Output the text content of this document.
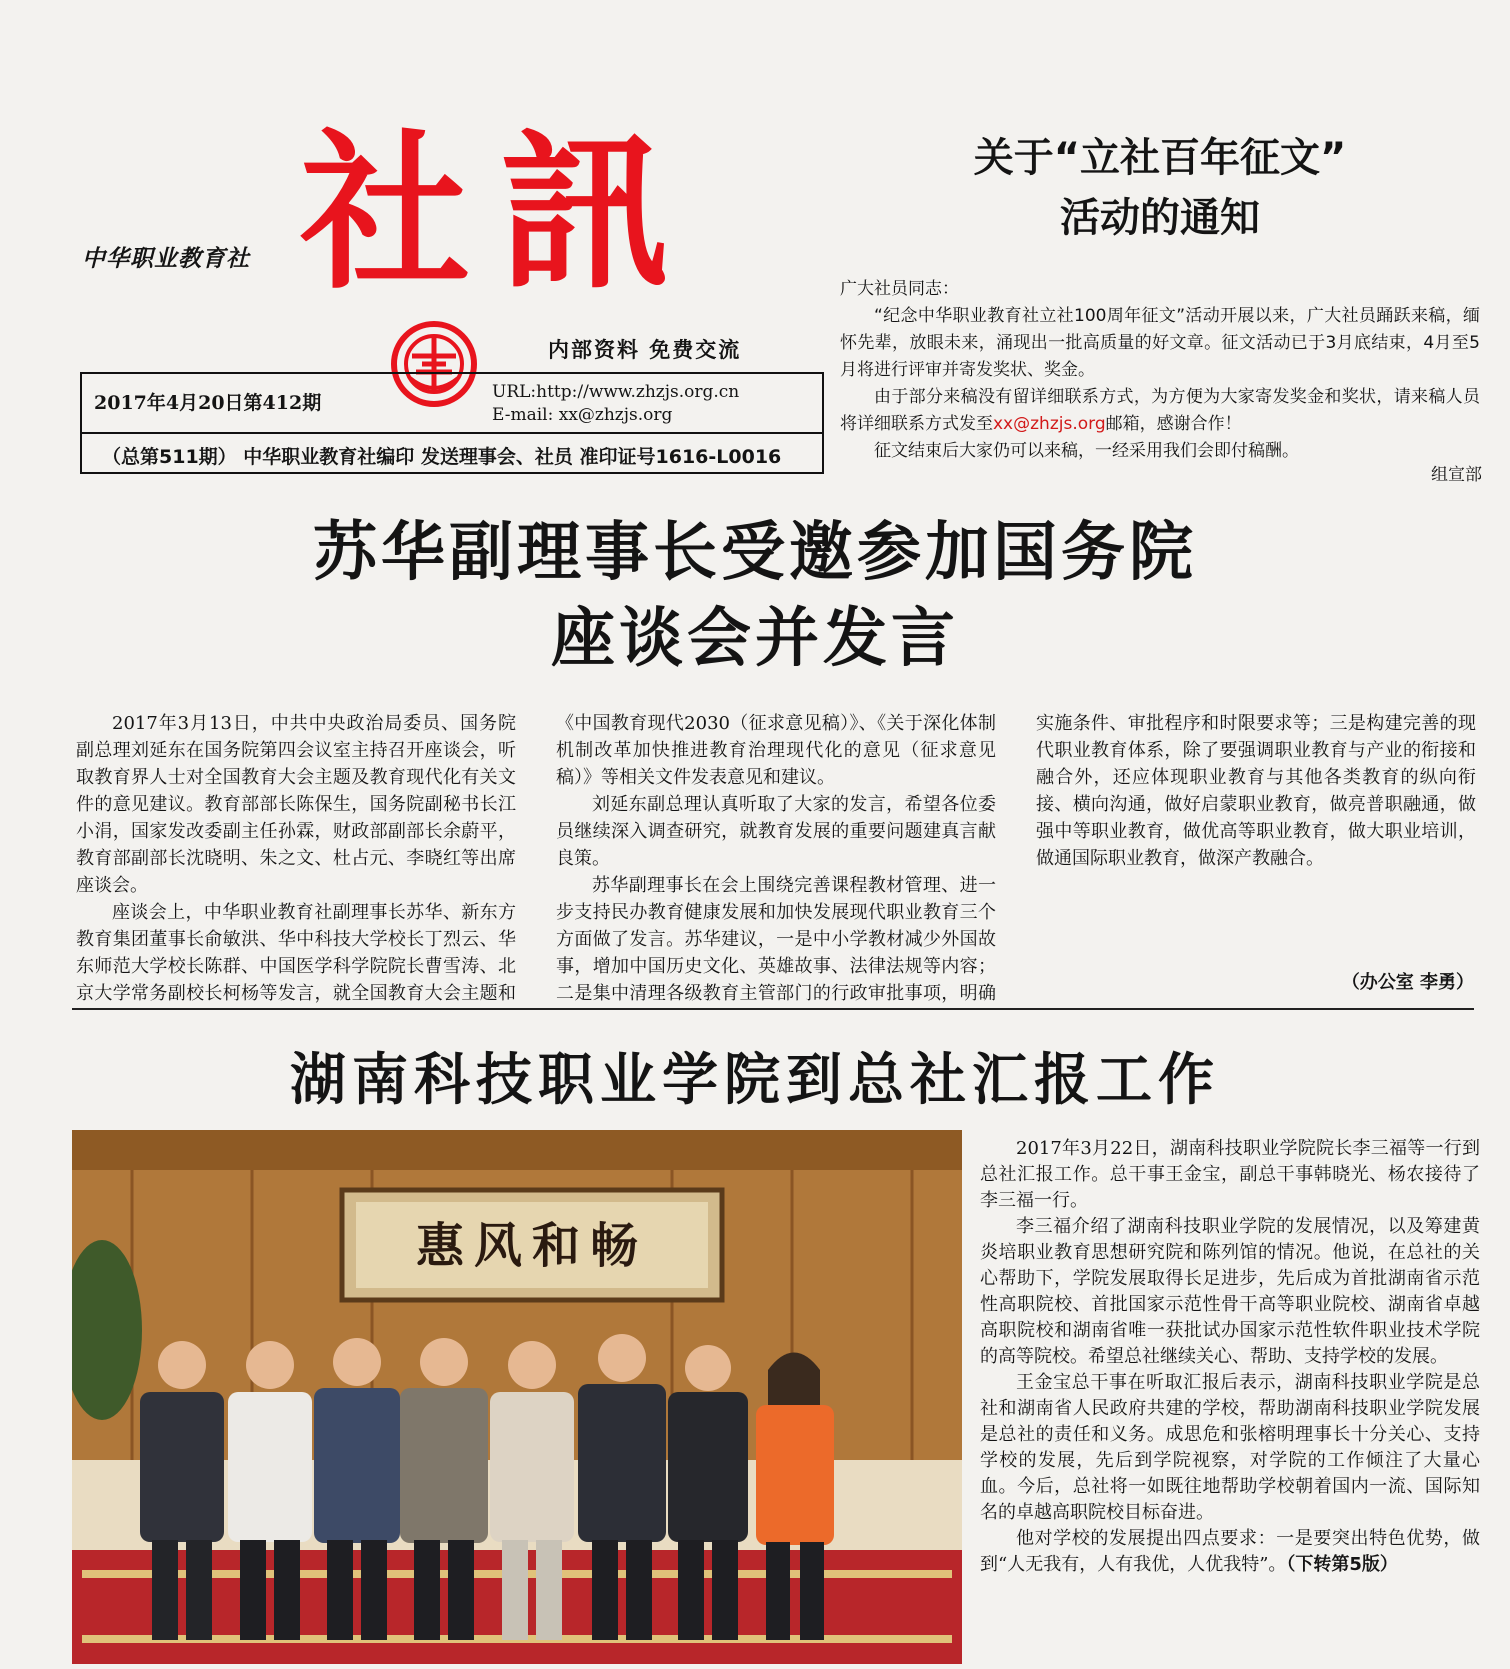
中华职业教育社 社訊
内部资料 免费交流
2017年4月20日第412期	URL:http://www.zhzjs.org.cn
E-mail: xx@zhzjs.org
（总第511期） 中华职业教育社编印 发送理事会、社员 准印证号1616-L0016
关于“立社百年征文”
活动的通知

广大社员同志：

“纪念中华职业教育社立社100周年征文”活动开展以来，广大社员踊跃来稿，缅怀先辈，放眼未来，涌现出一批高质量的好文章。征文活动已于3月底结束，4月至5月将进行评审并寄发奖状、奖金。

由于部分来稿没有留详细联系方式，为方便为大家寄发奖金和奖状，请来稿人员将详细联系方式发至xx@zhzjs.org邮箱，感谢合作！

征文结束后大家仍可以来稿，一经采用我们会即付稿酬。

组宣部
苏华副理事长受邀参加国务院
座谈会并发言

2017年3月13日，中共中央政治局委员、国务院副总理刘延东在国务院第四会议室主持召开座谈会，听取教育界人士对全国教育大会主题及教育现代化有关文件的意见建议。教育部部长陈保生，国务院副秘书长江小涓，国家发改委副主任孙霖，财政部副部长余蔚平，教育部副部长沈晓明、朱之文、杜占元、李晓红等出席座谈会。

座谈会上，中华职业教育社副理事长苏华、新东方教育集团董事长俞敏洪、华中科技大学校长丁烈云、华东师范大学校长陈群、中国医学科学院院长曹雪涛、北京大学常务副校长柯杨等发言，就全国教育大会主题和《中国教育现代2030（征求意见稿）》、《关于深化体制机制改革加快推进教育治理现代化的意见（征求意见稿）》等相关文件发表意见和建议。

刘延东副总理认真听取了大家的发言，希望各位委员继续深入调查研究，就教育发展的重要问题建真言献良策。

苏华副理事长在会上围绕完善课程教材管理、进一步支持民办教育健康发展和加快发展现代职业教育三个方面做了发言。苏华建议，一是中小学教材减少外国故事，增加中国历史文化、英雄故事、法律法规等内容；二是集中清理各级教育主管部门的行政审批事项，明确实施条件、审批程序和时限要求等；三是构建完善的现代职业教育体系，除了要强调职业教育与产业的衔接和融合外，还应体现职业教育与其他各类教育的纵向衔接、横向沟通，做好启蒙职业教育，做亮普职融通，做强中等职业教育，做优高等职业教育，做大职业培训，做通国际职业教育，做深产教融合。

（办公室 李勇）
湖南科技职业学院到总社汇报工作
惠风和畅

2017年3月22日，湖南科技职业学院院长李三福等一行到总社汇报工作。总干事王金宝，副总干事韩晓光、杨农接待了李三福一行。

李三福介绍了湖南科技职业学院的发展情况，以及筹建黄炎培职业教育思想研究院和陈列馆的情况。他说，在总社的关心帮助下，学院发展取得长足进步，先后成为首批湖南省示范性高职院校、首批国家示范性骨干高等职业院校、湖南省卓越高职院校和湖南省唯一获批试办国家示范性软件职业技术学院的高等院校。希望总社继续关心、帮助、支持学校的发展。

王金宝总干事在听取汇报后表示，湖南科技职业学院是总社和湖南省人民政府共建的学校，帮助湖南科技职业学院发展是总社的责任和义务。成思危和张榕明理事长十分关心、支持学校的发展，先后到学院视察，对学院的工作倾注了大量心血。今后，总社将一如既往地帮助学校朝着国内一流、国际知名的卓越高职院校目标奋进。

他对学校的发展提出四点要求：一是要突出特色优势，做到“人无我有，人有我优，人优我特”。（下转第5版）
